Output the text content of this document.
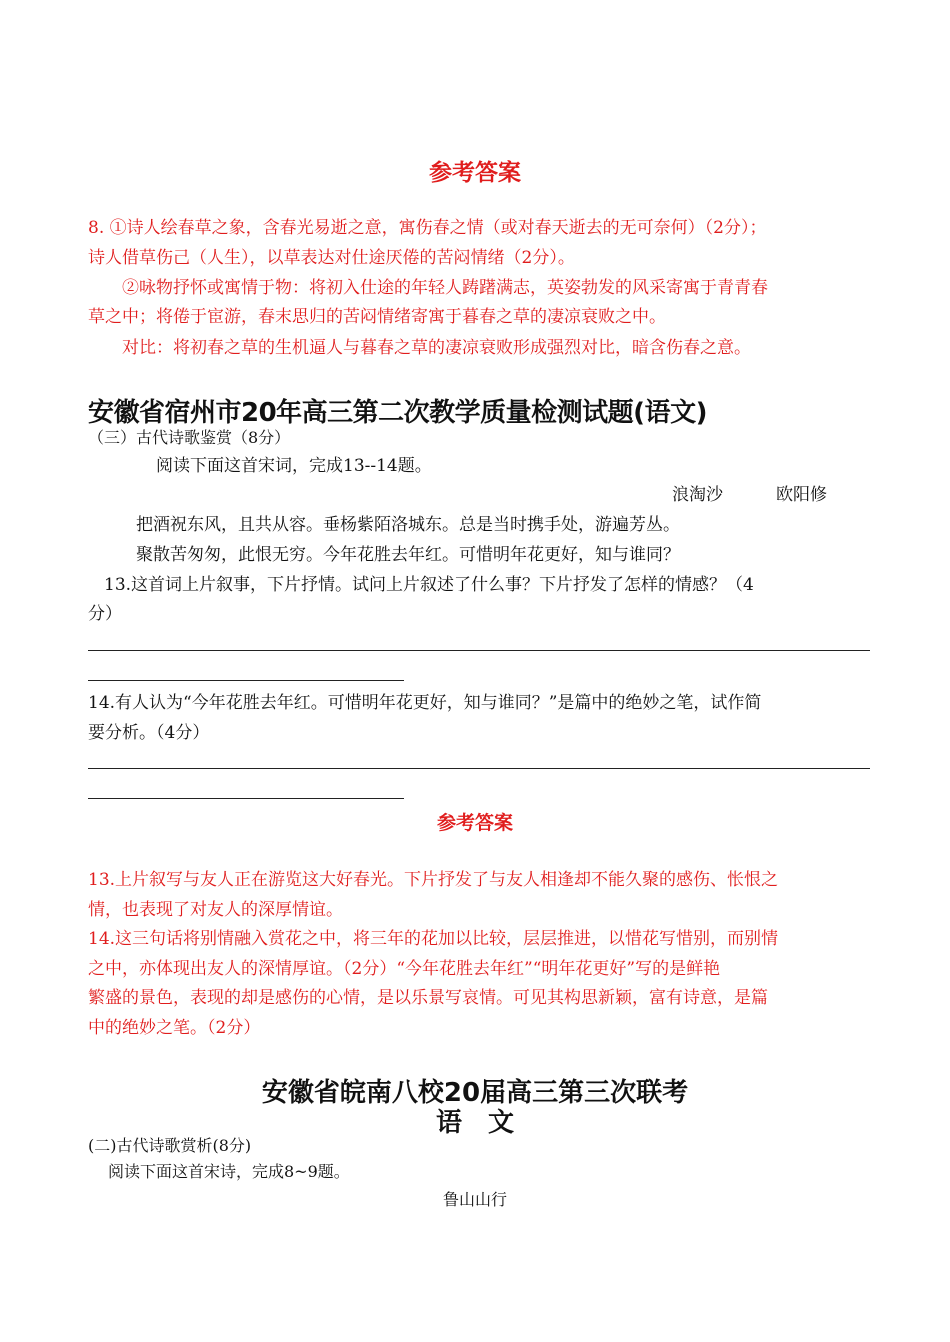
参考答案
8. ①诗人绘春草之象，含春光易逝之意，寓伤春之情（或对春天逝去的无可奈何）（2分）；
诗人借草伤己（人生），以草表达对仕途厌倦的苦闷情绪（2分）。
②咏物抒怀或寓情于物：将初入仕途的年轻人踌躇满志，英姿勃发的风采寄寓于青青春
草之中；将倦于宦游，春末思归的苦闷情绪寄寓于暮春之草的凄凉衰败之中。
对比：将初春之草的生机逼人与暮春之草的凄凉衰败形成强烈对比，暗含伤春之意。
安徽省宿州市20年高三第二次教学质量检测试题(语文)
（三）古代诗歌鉴赏（8分）
阅读下面这首宋词，完成13--14题。
浪淘沙	欧阳修
把酒祝东风，且共从容。垂杨紫陌洛城东。总是当时携手处，游遍芳丛。
聚散苦匆匆，此恨无穷。今年花胜去年红。可惜明年花更好，知与谁同？
13.这首词上片叙事，下片抒情。试问上片叙述了什么事？下片抒发了怎样的情感？（4
分）
14.有人认为“今年花胜去年红。可惜明年花更好，知与谁同？”是篇中的绝妙之笔，试作简
要分析。（4分）
参考答案
13.上片叙写与友人正在游览这大好春光。下片抒发了与友人相逢却不能久聚的感伤、怅恨之
情，也表现了对友人的深厚情谊。
14.这三句话将别情融入赏花之中，将三年的花加以比较，层层推进，以惜花写惜别，而别情
之中，亦体现出友人的深情厚谊。（2分）“今年花胜去年红”“明年花更好”写的是鲜艳
繁盛的景色，表现的却是感伤的心情，是以乐景写哀情。可见其构思新颖，富有诗意，是篇
中的绝妙之笔。（2分）
安徽省皖南八校20届高三第三次联考
语　文
(二)古代诗歌赏析(8分)
阅读下面这首宋诗，完成8~9题。
鲁山山行
